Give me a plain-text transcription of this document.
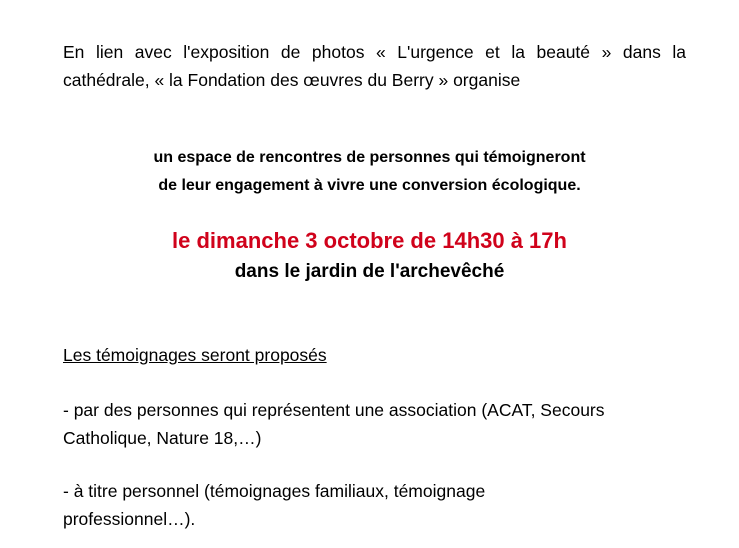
En lien avec l'exposition de photos « L'urgence et la beauté » dans la
cathédrale, « la Fondation des œuvres du Berry » organise
un espace de rencontres de personnes qui témoigneront
de leur engagement à vivre une conversion écologique.
le dimanche 3 octobre de 14h30 à 17h
dans le jardin de l'archevêché
Les témoignages seront proposés
- par des personnes qui représentent une association (ACAT, Secours
Catholique, Nature 18,…)
- à titre personnel (témoignages familiaux, témoignage
professionnel…).
